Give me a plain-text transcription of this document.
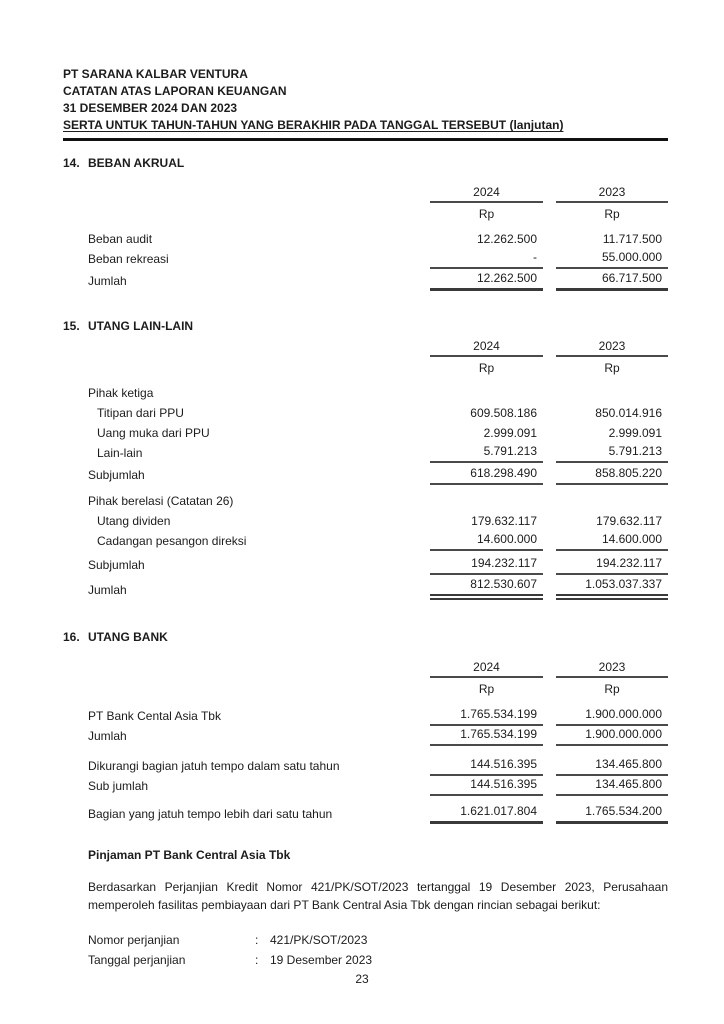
PT SARANA KALBAR VENTURA
CATATAN ATAS LAPORAN KEUANGAN
31 DESEMBER 2024 DAN 2023
SERTA UNTUK TAHUN-TAHUN YANG BERAKHIR PADA TANGGAL TERSEBUT (lanjutan)
14. BEBAN AKRUAL
2024	2023
Rp	Rp
Beban audit	12.262.500	11.717.500
Beban rekreasi	-	55.000.000
Jumlah	12.262.500	66.717.500
15. UTANG LAIN-LAIN
2024	2023
Rp	Rp
Pihak ketiga
Titipan dari PPU	609.508.186	850.014.916
Uang muka dari PPU	2.999.091	2.999.091
Lain-lain	5.791.213	5.791.213
Subjumlah	618.298.490	858.805.220
Pihak berelasi (Catatan 26)
Utang dividen	179.632.117	179.632.117
Cadangan pesangon direksi	14.600.000	14.600.000
Subjumlah	194.232.117	194.232.117
Jumlah	812.530.607	1.053.037.337
16. UTANG BANK
2024	2023
Rp	Rp
PT Bank Cental Asia Tbk	1.765.534.199	1.900.000.000
Jumlah	1.765.534.199	1.900.000.000
Dikurangi bagian jatuh tempo dalam satu tahun	144.516.395	134.465.800
Sub jumlah	144.516.395	134.465.800
Bagian yang jatuh tempo lebih dari satu tahun	1.621.017.804	1.765.534.200
Pinjaman PT Bank Central Asia Tbk
Berdasarkan Perjanjian Kredit Nomor 421/PK/SOT/2023 tertanggal 19 Desember 2023, Perusahaan memperoleh fasilitas pembiayaan dari PT Bank Central Asia Tbk dengan rincian sebagai berikut:
Nomor perjanjian	: 421/PK/SOT/2023
Tanggal perjanjian	: 19 Desember 2023
23
